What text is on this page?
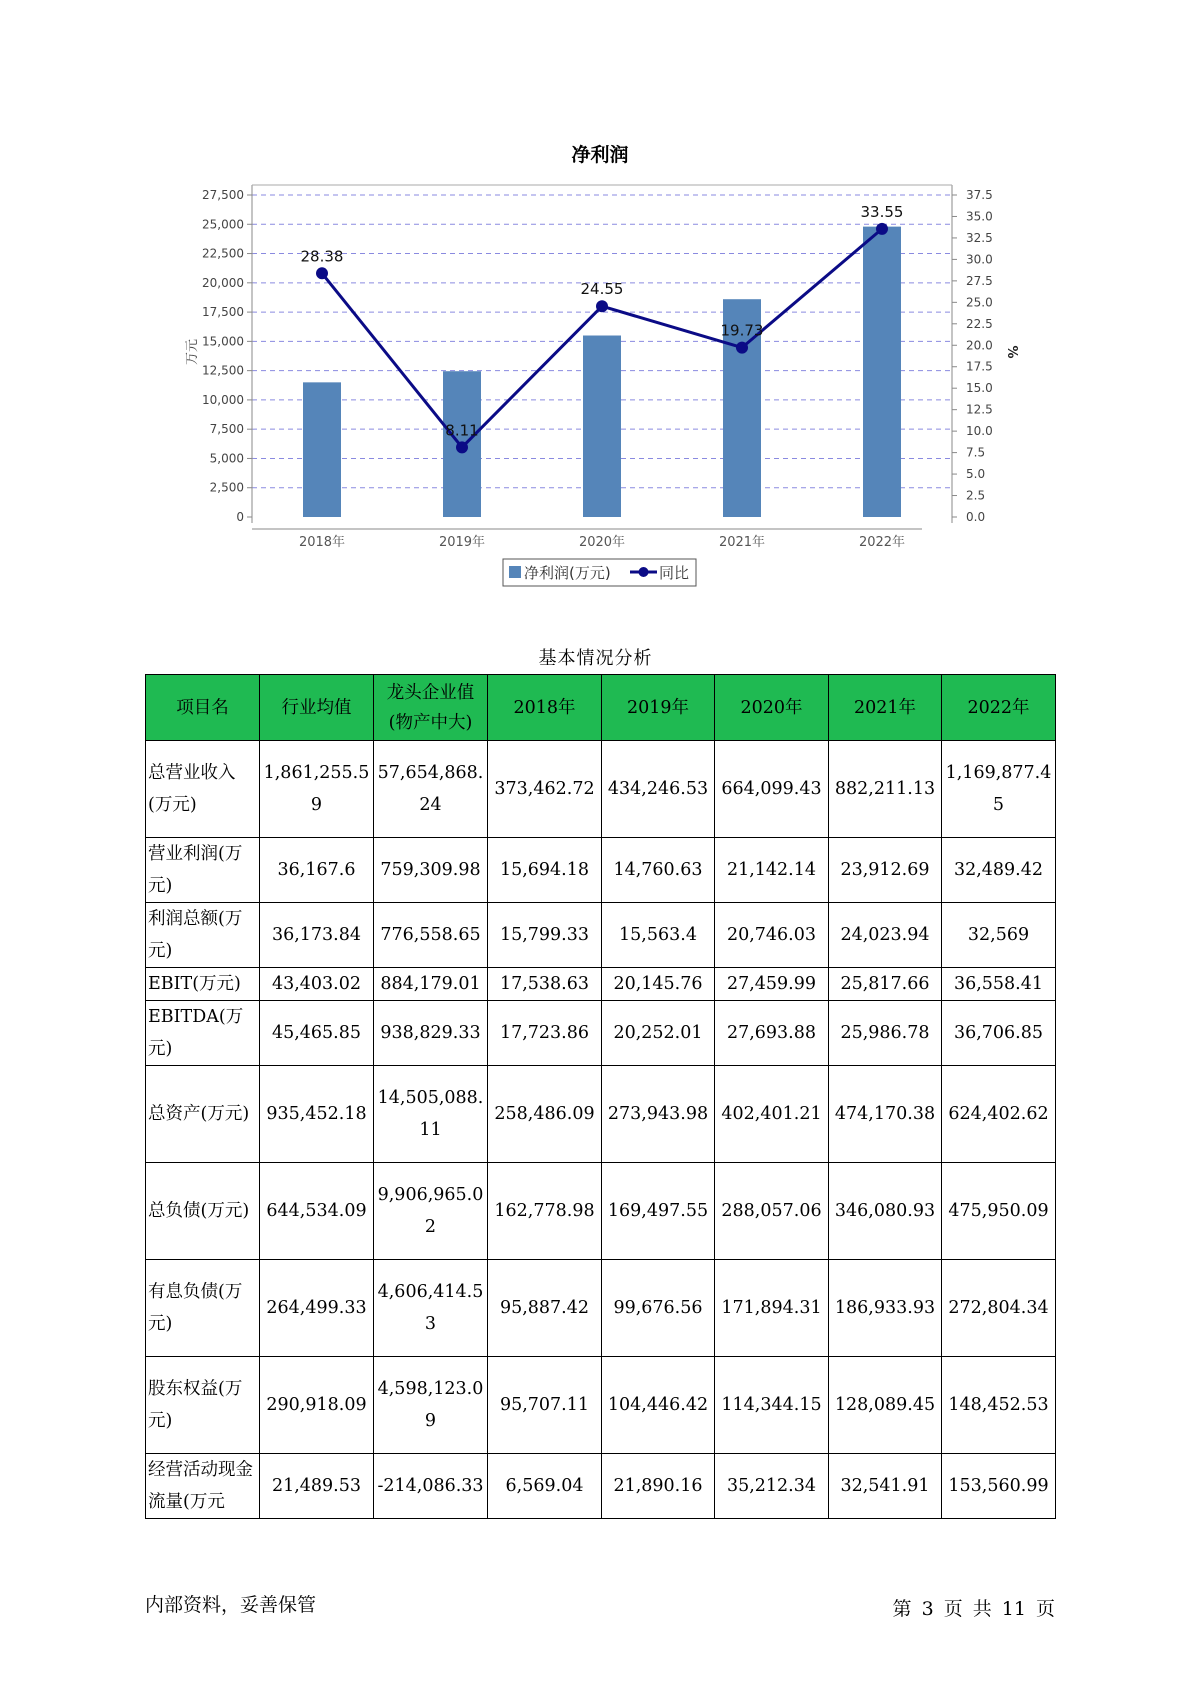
净利润
28.38
8.11
24.55
19.73
33.55
0
2,500
5,000
7,500
10,000
12,500
15,000
17,500
20,000
22,500
25,000
27,500
0.0
2.5
5.0
7.5
10.0
12.5
15.0
17.5
20.0
22.5
25.0
27.5
30.0
32.5
35.0
37.5
万元	%
2018年	2019年	2020年	2021年	2022年
净利润(万元)	同比
基本情况分析
项目名	行业均值	龙头企业值(物产中大)	2018年	2019年	2020年	2021年	2022年
总营业收入(万元)	1,861,255.59	57,654,868.24	373,462.72	434,246.53	664,099.43	882,211.13	1,169,877.45
营业利润(万元)	36,167.6	759,309.98	15,694.18	14,760.63	21,142.14	23,912.69	32,489.42
利润总额(万元)	36,173.84	776,558.65	15,799.33	15,563.4	20,746.03	24,023.94	32,569
EBIT(万元)	43,403.02	884,179.01	17,538.63	20,145.76	27,459.99	25,817.66	36,558.41
EBITDA(万元)	45,465.85	938,829.33	17,723.86	20,252.01	27,693.88	25,986.78	36,706.85
总资产(万元)	935,452.18	14,505,088.11	258,486.09	273,943.98	402,401.21	474,170.38	624,402.62
总负债(万元)	644,534.09	9,906,965.02	162,778.98	169,497.55	288,057.06	346,080.93	475,950.09
有息负债(万元)	264,499.33	4,606,414.53	95,887.42	99,676.56	171,894.31	186,933.93	272,804.34
股东权益(万元)	290,918.09	4,598,123.09	95,707.11	104,446.42	114,344.15	128,089.45	148,452.53
经营活动现金流量(万元	21,489.53	-214,086.33	6,569.04	21,890.16	35,212.34	32,541.91	153,560.99
内部资料，妥善保管	第 3 页 共 11 页
